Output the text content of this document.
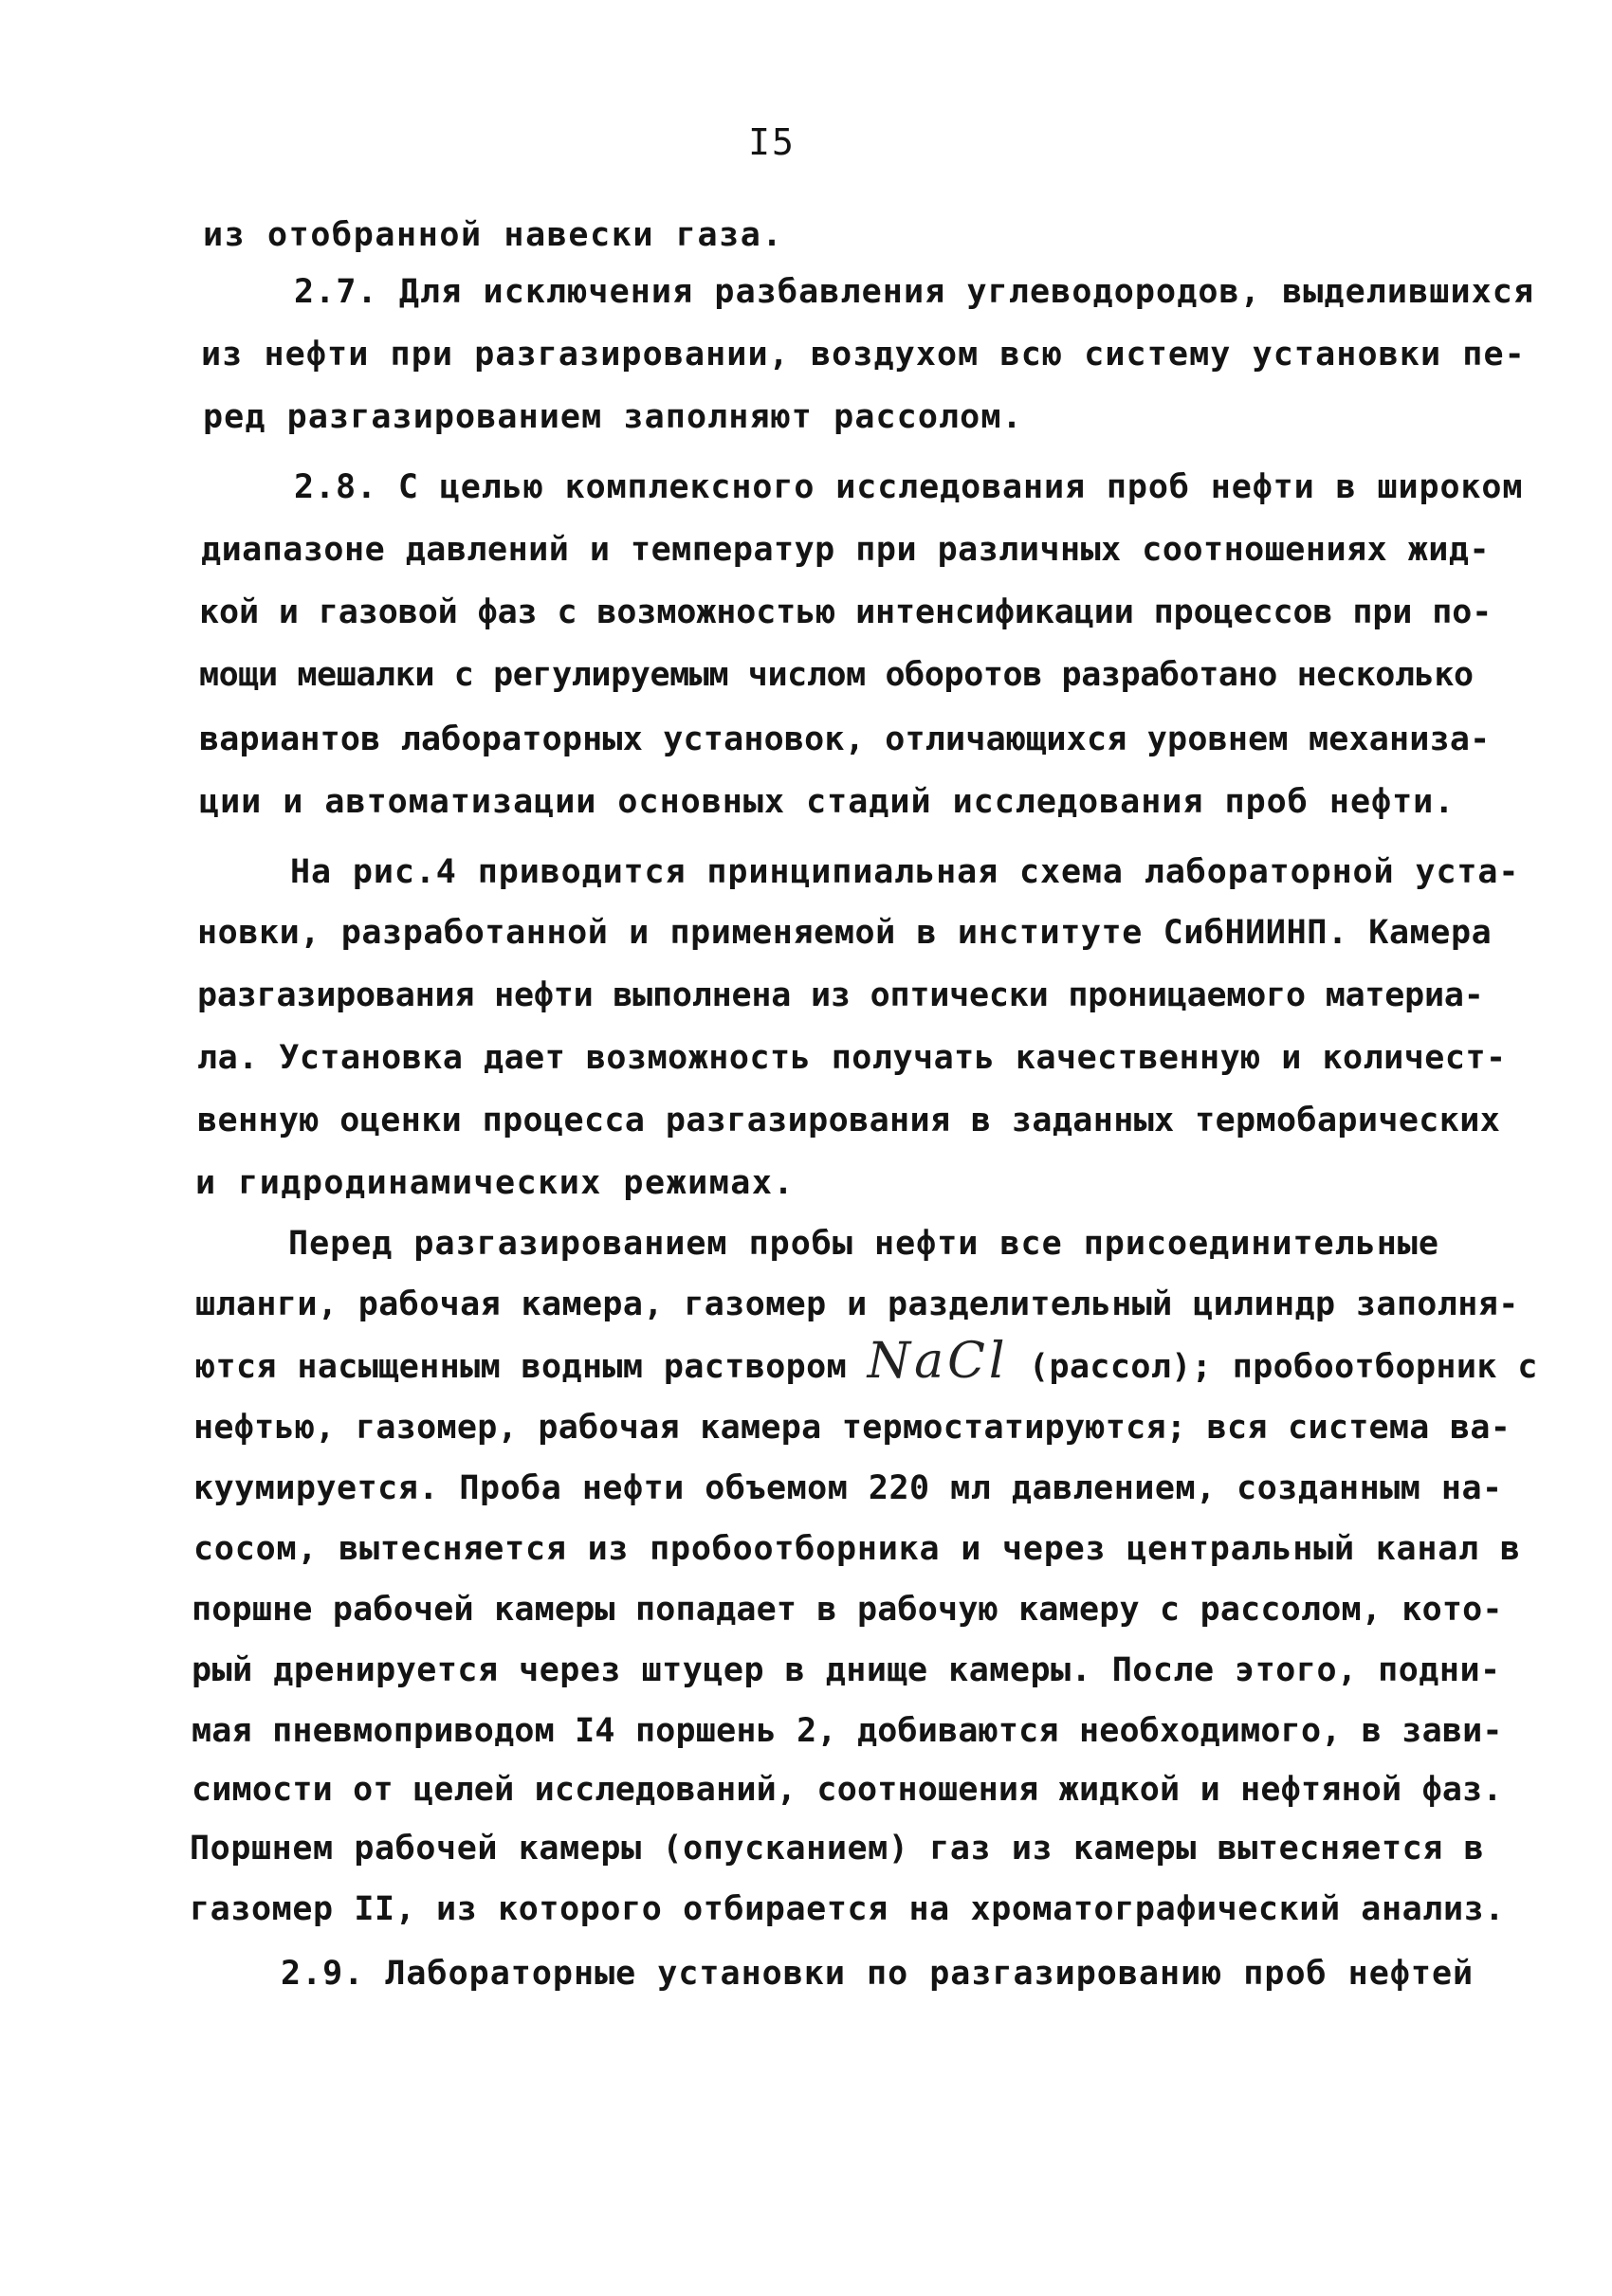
I5
из отобранной навески газа.
2.7. Для исключения разбавления углеводородов, выделившихся
из нефти при разгазировании, воздухом всю систему установки пе-
ред разгазированием заполняют рассолом.
2.8. С целью комплексного исследования проб нефти в широком
диапазоне давлений и температур при различных соотношениях жид-
кой и газовой фаз с возможностью интенсификации процессов при по-
мощи мешалки с регулируемым числом оборотов разработано несколько
вариантов лабораторных установок, отличающихся уровнем механиза-
ции и автоматизации основных стадий исследования проб нефти.
На рис.4 приводится принципиальная схема лабораторной уста-
новки, разработанной и применяемой в институте СибНИИНП. Камера
разгазирования нефти выполнена из оптически проницаемого материа-
ла. Установка дает возможность получать качественную и количест-
венную оценки процесса разгазирования в заданных термобарических
и гидродинамических режимах.
Перед разгазированием пробы нефти все присоединительные
шланги, рабочая камера, газомер и разделительный цилиндр заполня-
ются насыщенным водным раствором NaCl (рассол); пробоотборник с
нефтью, газомер, рабочая камера термостатируются; вся система ва-
куумируется. Проба нефти объемом 220 мл давлением, созданным на-
сосом, вытесняется из пробоотборника и через центральный канал в
поршне рабочей камеры попадает в рабочую камеру с рассолом, кото-
рый дренируется через штуцер в днище камеры. После этого, подни-
мая пневмоприводом I4 поршень 2, добиваются необходимого, в зави-
симости от целей исследований, соотношения жидкой и нефтяной фаз.
Поршнем рабочей камеры (опусканием) газ из камеры вытесняется в
газомер II, из которого отбирается на хроматографический анализ.
2.9. Лабораторные установки по разгазированию проб нефтей
